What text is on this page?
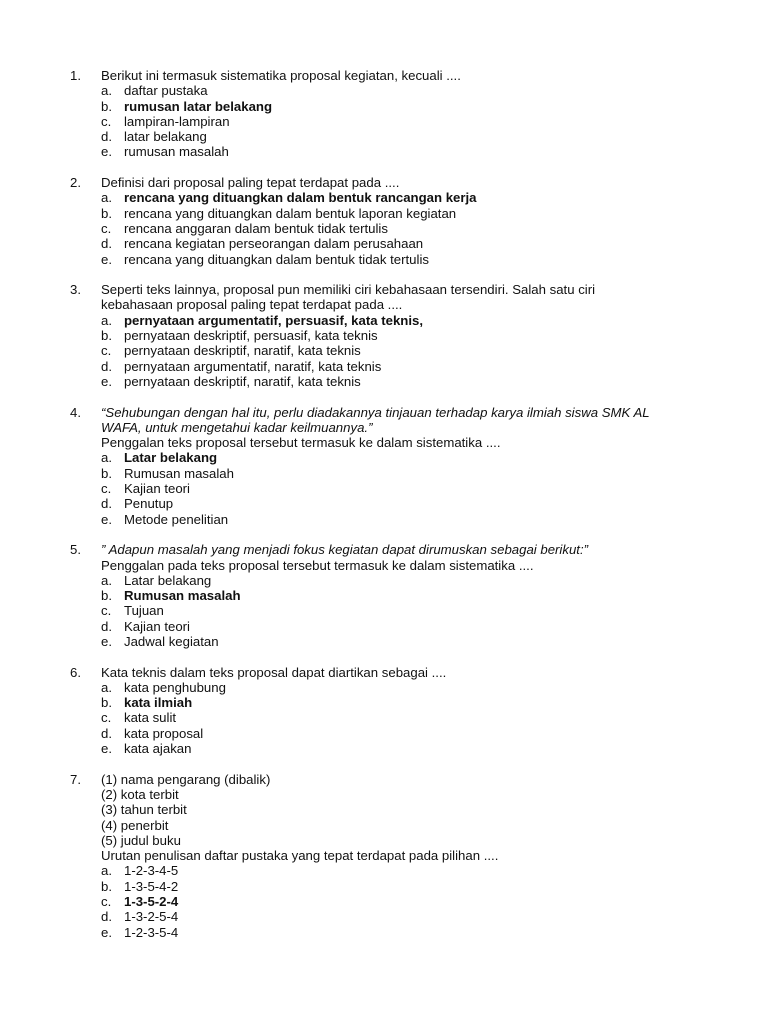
1.	Berikut ini termasuk sistematika proposal kegiatan, kecuali ....
a. daftar pustaka
b. rumusan latar belakang
c. lampiran-lampiran
d. latar belakang
e. rumusan masalah
2.	Definisi dari proposal paling tepat terdapat pada ....
a. rencana yang dituangkan dalam bentuk rancangan kerja
b. rencana yang dituangkan dalam bentuk laporan kegiatan
c. rencana anggaran dalam bentuk tidak tertulis
d. rencana kegiatan perseorangan dalam perusahaan
e. rencana yang dituangkan dalam bentuk tidak tertulis
3.	Seperti teks lainnya, proposal pun memiliki ciri kebahasaan tersendiri. Salah satu ciri
kebahasaan proposal paling tepat terdapat pada ....
a. pernyataan argumentatif, persuasif, kata teknis,
b. pernyataan deskriptif, persuasif, kata teknis
c. pernyataan deskriptif, naratif, kata teknis
d. pernyataan argumentatif, naratif, kata teknis
e. pernyataan deskriptif, naratif, kata teknis
4.	“Sehubungan dengan hal itu, perlu diadakannya tinjauan terhadap karya ilmiah siswa SMK AL
WAFA, untuk mengetahui kadar keilmuannya.”
Penggalan teks proposal tersebut termasuk ke dalam sistematika ....
a. Latar belakang
b. Rumusan masalah
c. Kajian teori
d. Penutup
e. Metode penelitian
5.	” Adapun masalah yang menjadi fokus kegiatan dapat dirumuskan sebagai berikut:”
Penggalan pada teks proposal tersebut termasuk ke dalam sistematika ....
a. Latar belakang
b. Rumusan masalah
c. Tujuan
d. Kajian teori
e. Jadwal kegiatan
6.	Kata teknis dalam teks proposal dapat diartikan sebagai ....
a. kata penghubung
b. kata ilmiah
c. kata sulit
d. kata proposal
e. kata ajakan
7.	(1) nama pengarang (dibalik)
(2) kota terbit
(3) tahun terbit
(4) penerbit
(5) judul buku
Urutan penulisan daftar pustaka yang tepat terdapat pada pilihan ....
a. 1-2-3-4-5
b. 1-3-5-4-2
c. 1-3-5-2-4
d. 1-3-2-5-4
e. 1-2-3-5-4
